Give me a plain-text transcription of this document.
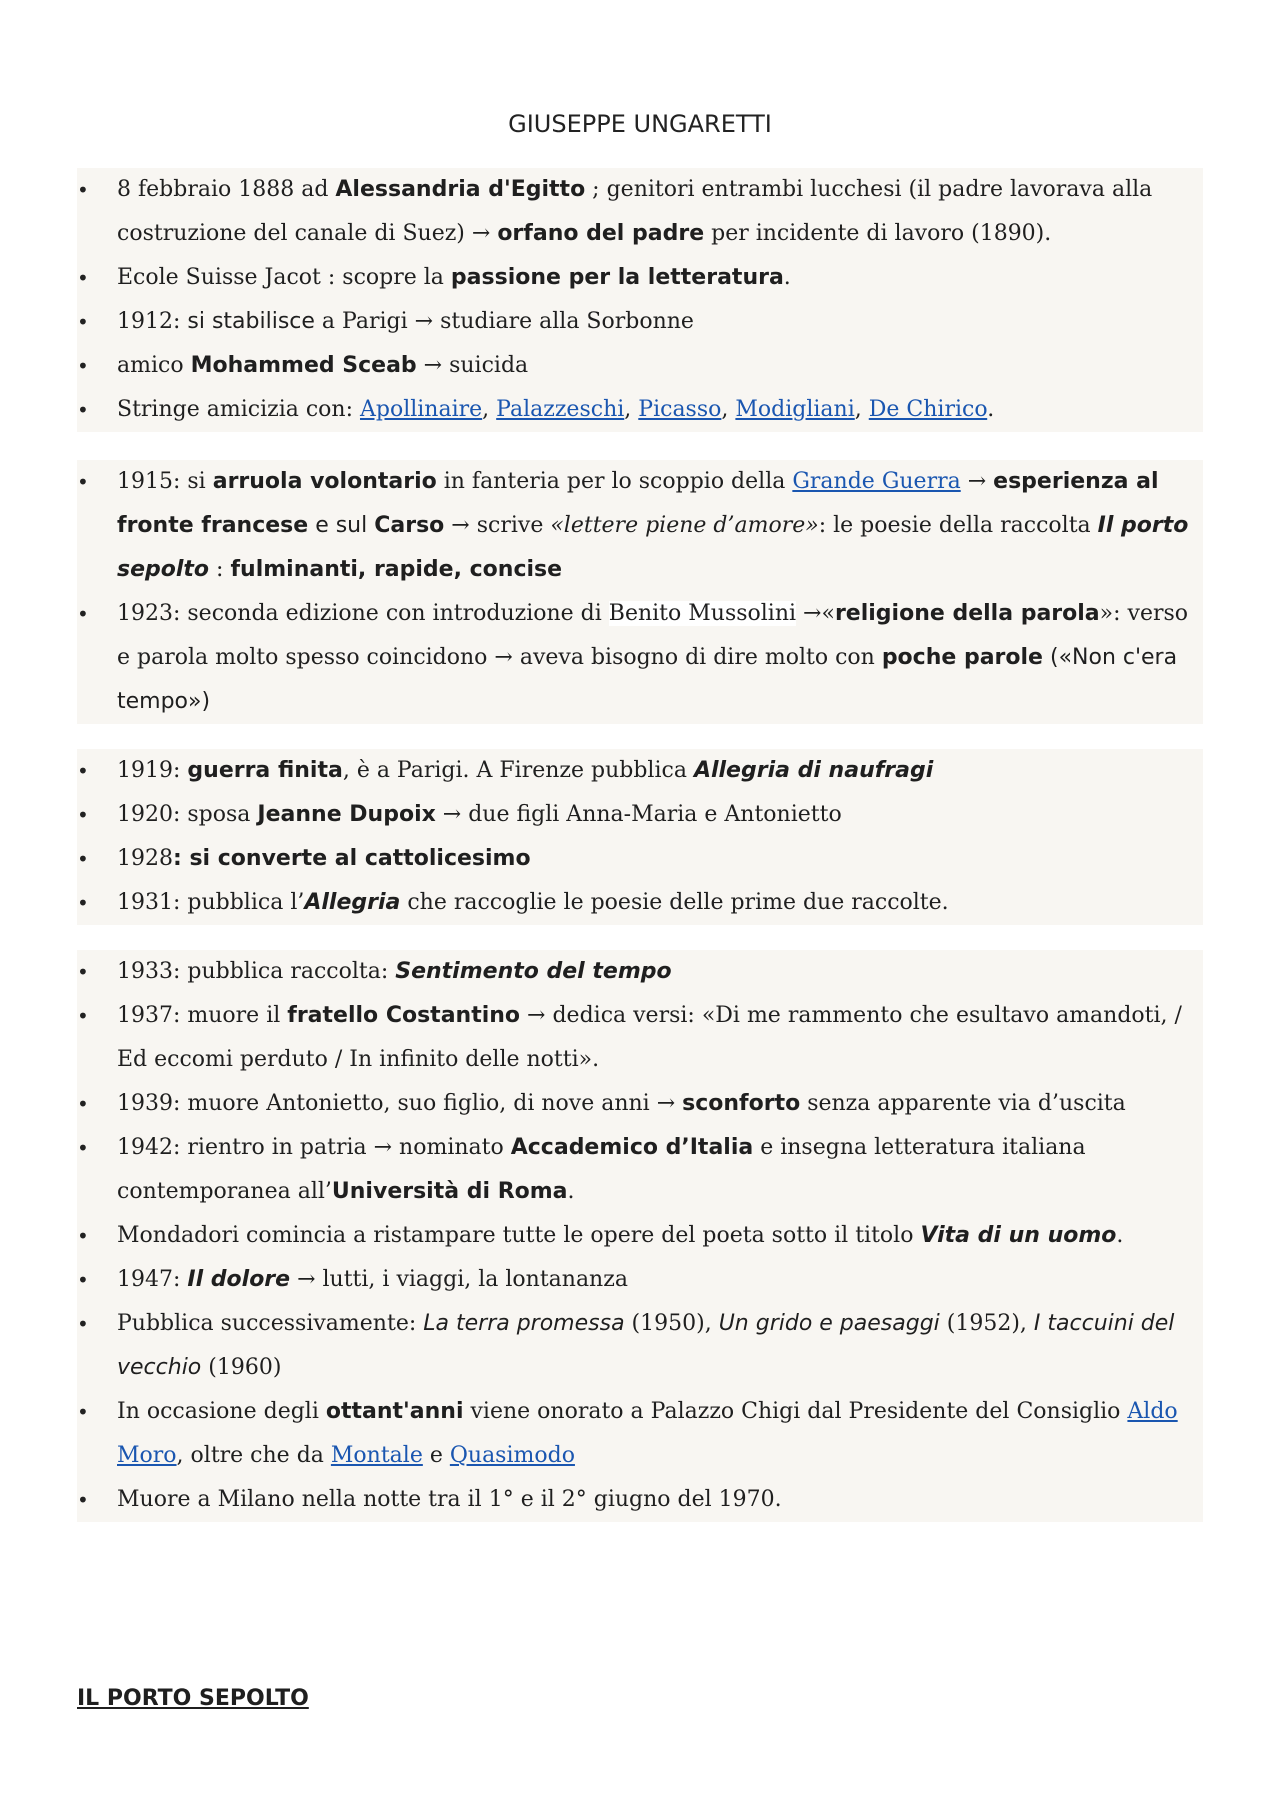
GIUSEPPE UNGARETTI
• 8 febbraio 1888 ad Alessandria d'Egitto ; genitori entrambi lucchesi (il padre lavorava alla costruzione del canale di Suez) → orfano del padre per incidente di lavoro (1890).
• Ecole Suisse Jacot : scopre la passione per la letteratura.
• 1912: si stabilisce a Parigi → studiare alla Sorbonne
• amico Mohammed Sceab → suicida
• Stringe amicizia con: Apollinaire, Palazzeschi, Picasso, Modigliani, De Chirico.
• 1915: si arruola volontario in fanteria per lo scoppio della Grande Guerra → esperienza al fronte francese e sul Carso → scrive «lettere piene d’amore»: le poesie della raccolta Il porto sepolto : fulminanti, rapide, concise
• 1923: seconda edizione con introduzione di Benito Mussolini →«religione della parola»: verso e parola molto spesso coincidono → aveva bisogno di dire molto con poche parole («Non c'era tempo»)
• 1919: guerra finita, è a Parigi. A Firenze pubblica Allegria di naufragi
• 1920: sposa Jeanne Dupoix → due figli Anna-Maria e Antonietto
• 1928: si converte al cattolicesimo
• 1931: pubblica l’Allegria che raccoglie le poesie delle prime due raccolte.
• 1933: pubblica raccolta: Sentimento del tempo
• 1937: muore il fratello Costantino → dedica versi: «Di me rammento che esultavo amandoti, / Ed eccomi perduto / In infinito delle notti».
• 1939: muore Antonietto, suo figlio, di nove anni → sconforto senza apparente via d’uscita
• 1942: rientro in patria → nominato Accademico d’Italia e insegna letteratura italiana contemporanea all’Università di Roma.
• Mondadori comincia a ristampare tutte le opere del poeta sotto il titolo Vita di un uomo.
• 1947: Il dolore → lutti, i viaggi, la lontananza
• Pubblica successivamente: La terra promessa (1950), Un grido e paesaggi (1952), I taccuini del vecchio (1960)
• In occasione degli ottant'anni viene onorato a Palazzo Chigi dal Presidente del Consiglio Aldo Moro, oltre che da Montale e Quasimodo
• Muore a Milano nella notte tra il 1° e il 2° giugno del 1970.
IL PORTO SEPOLTO
